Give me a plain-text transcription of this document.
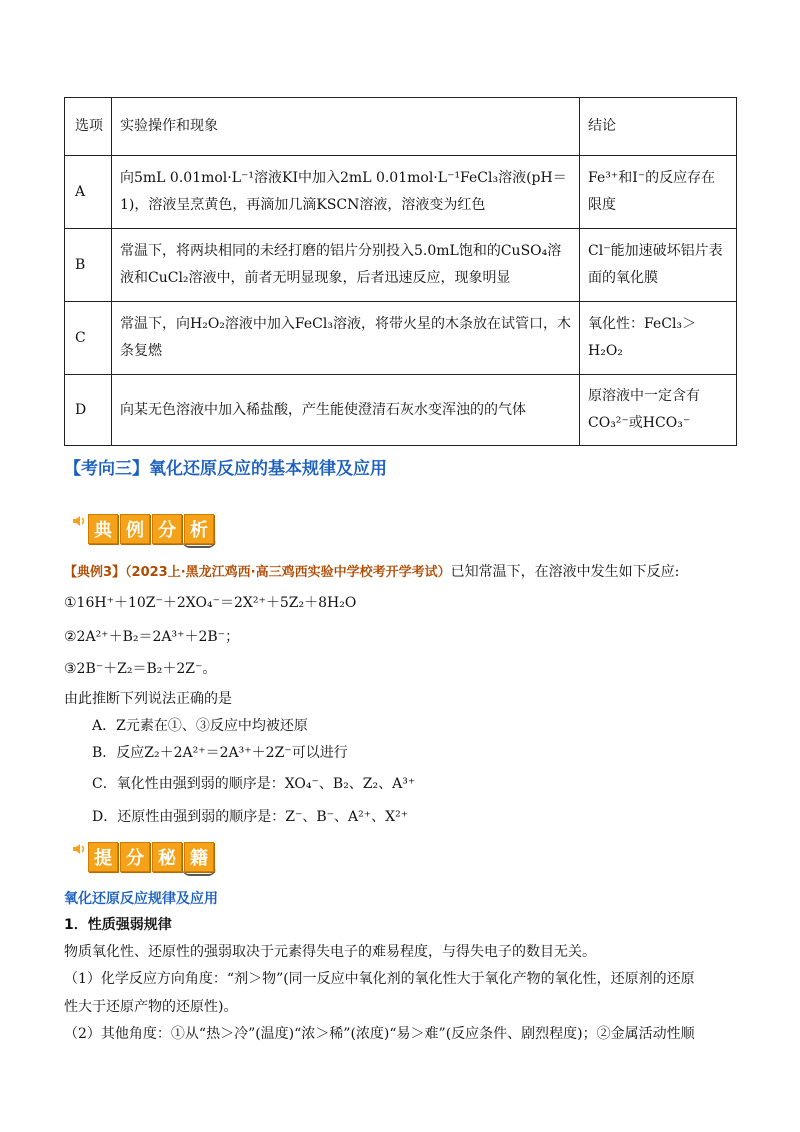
选项	实验操作和现象	结论
A	向5mL 0.01mol·L⁻¹溶液KI中加入2mL 0.01mol·L⁻¹FeCl₃溶液(pH＝1)，溶液呈烹黄色，再滴加几滴KSCN溶液，溶液变为红色	Fe³⁺和I⁻的反应存在限度
B	常温下，将两块相同的未经打磨的铝片分别投入5.0mL饱和的CuSO₄溶液和CuCl₂溶液中，前者无明显现象，后者迅速反应，现象明显	Cl⁻能加速破坏铝片表面的氧化膜
C	常温下，向H₂O₂溶液中加入FeCl₃溶液，将带火星的木条放在试管口，木条复燃	氧化性：FeCl₃＞H₂O₂
D	向某无色溶液中加入稀盐酸，产生能使澄清石灰水变浑浊的的气体	原溶液中一定含有CO₃²⁻或HCO₃⁻
【考向三】氧化还原反应的基本规律及应用
典 例 分 析
【典例3】（2023上·黑龙江鸡西·高三鸡西实验中学校考开学考试）已知常温下，在溶液中发生如下反应:
①16H⁺＋10Z⁻＋2XO₄⁻＝2X²⁺＋5Z₂＋8H₂O
②2A²⁺＋B₂＝2A³⁺＋2B⁻；
③2B⁻＋Z₂＝B₂＋2Z⁻。
由此推断下列说法正确的是
A．Z元素在①、③反应中均被还原
B．反应Z₂＋2A²⁺＝2A³⁺＋2Z⁻可以进行
C．氧化性由强到弱的顺序是：XO₄⁻、B₂、Z₂、A³⁺
D．还原性由强到弱的顺序是：Z⁻、B⁻、A²⁺、X²⁺
提 分 秘 籍
氧化还原反应规律及应用
1．性质强弱规律
物质氧化性、还原性的强弱取决于元素得失电子的难易程度，与得失电子的数目无关。
（1）化学反应方向角度：“剂＞物”(同一反应中氧化剂的氧化性大于氧化产物的氧化性，还原剂的还原
性大于还原产物的还原性)。
（2）其他角度：①从“热＞冷”(温度)“浓＞稀”(浓度)“易＞难”(反应条件、剧烈程度)；②金属活动性顺
